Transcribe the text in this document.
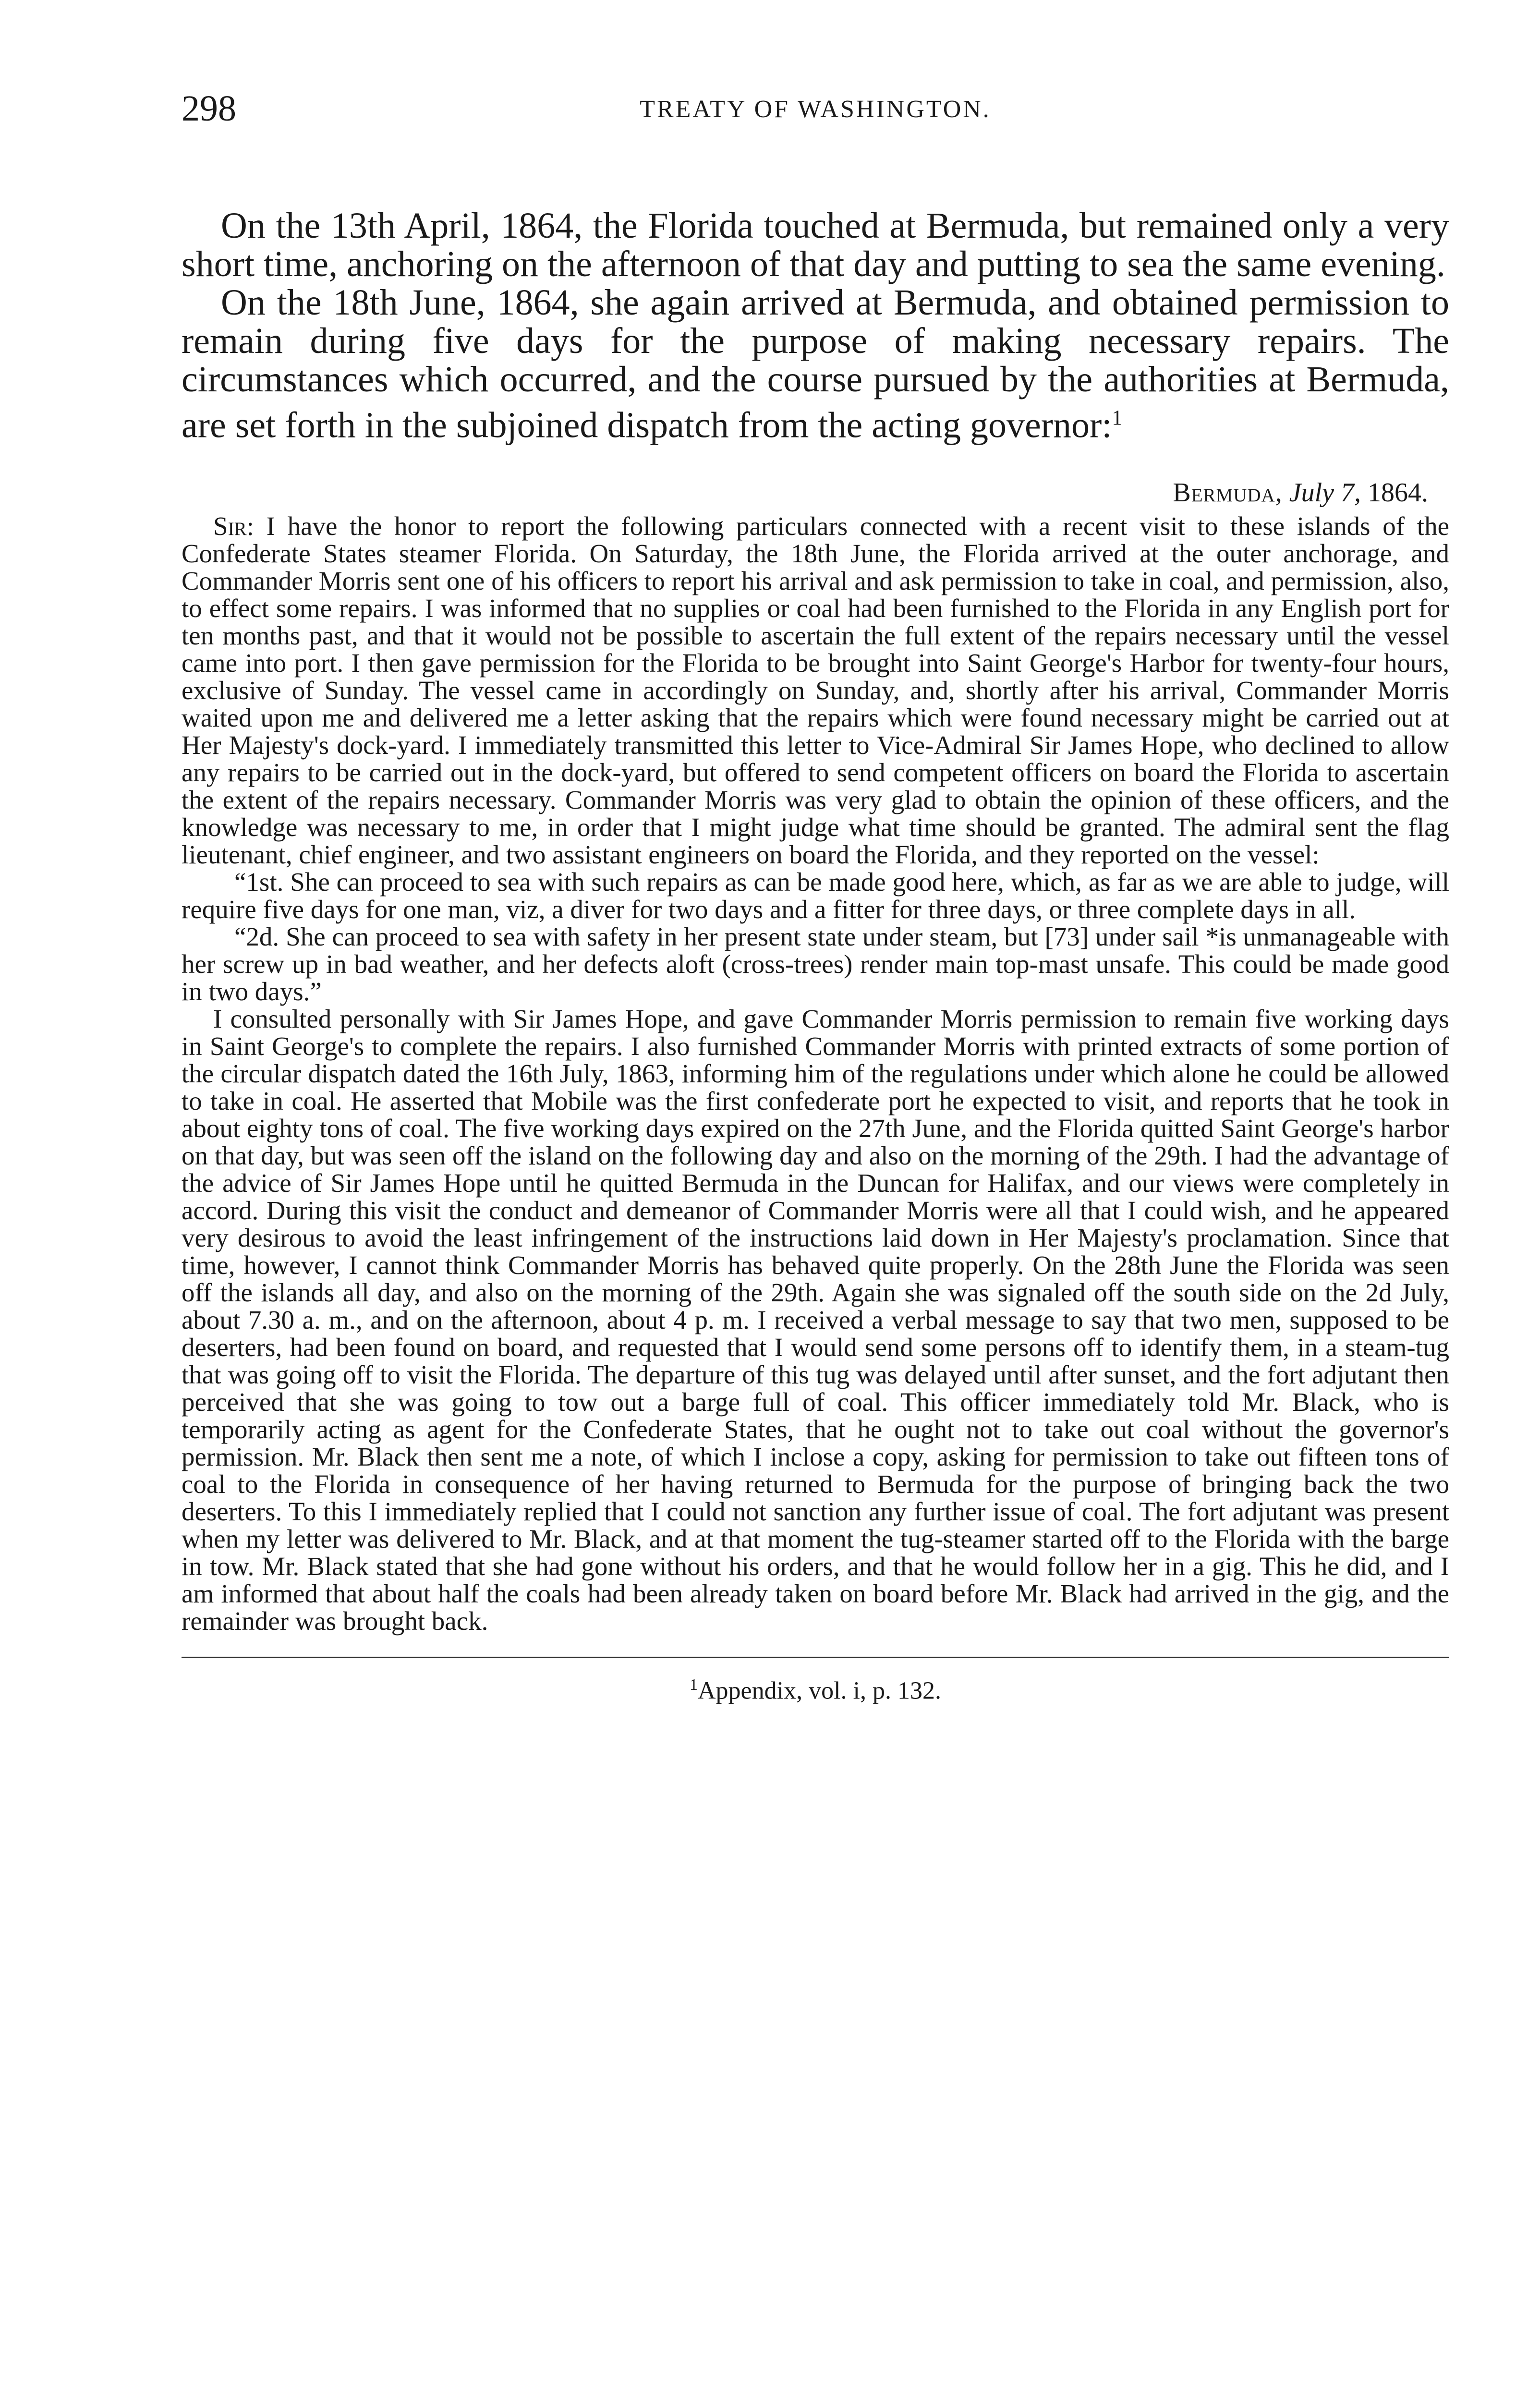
298	TREATY OF WASHINGTON.

On the 13th April, 1864, the Florida touched at Bermuda, but remained only a very short time, anchoring on the afternoon of that day and putting to sea the same evening.

On the 18th June, 1864, she again arrived at Bermuda, and obtained permission to remain during five days for the purpose of making necessary repairs. The circumstances which occurred, and the course pursued by the authorities at Bermuda, are set forth in the subjoined dispatch from the acting governor:$^1$

Bermuda, July 7, 1864.

Sir: I have the honor to report the following particulars connected with a recent visit to these islands of the Confederate States steamer Florida. On Saturday, the 18th June, the Florida arrived at the outer anchorage, and Commander Morris sent one of his officers to report his arrival and ask permission to take in coal, and permission, also, to effect some repairs. I was informed that no supplies or coal had been furnished to the Florida in any English port for ten months past, and that it would not be possible to ascertain the full extent of the repairs necessary until the vessel came into port. I then gave permission for the Florida to be brought into Saint George's Harbor for twenty-four hours, exclusive of Sunday. The vessel came in accordingly on Sunday, and, shortly after his arrival, Commander Morris waited upon me and delivered me a letter asking that the repairs which were found necessary might be carried out at Her Majesty's dock-yard. I immediately transmitted this letter to Vice-Admiral Sir James Hope, who declined to allow any repairs to be carried out in the dock-yard, but offered to send competent officers on board the Florida to ascertain the extent of the repairs necessary. Commander Morris was very glad to obtain the opinion of these officers, and the knowledge was necessary to me, in order that I might judge what time should be granted. The admiral sent the flag lieutenant, chief engineer, and two assistant engineers on board the Florida, and they reported on the vessel:

“1st. She can proceed to sea with such repairs as can be made good here, which, as far as we are able to judge, will require five days for one man, viz, a diver for two days and a fitter for three days, or three complete days in all.

“2d. She can proceed to sea with safety in her present state under steam, but [73] under sail *is unmanageable with her screw up in bad weather, and her defects aloft (cross-trees) render main top-mast unsafe. This could be made good in two days.”

I consulted personally with Sir James Hope, and gave Commander Morris permission to remain five working days in Saint George's to complete the repairs. I also furnished Commander Morris with printed extracts of some portion of the circular dispatch dated the 16th July, 1863, informing him of the regulations under which alone he could be allowed to take in coal. He asserted that Mobile was the first confederate port he expected to visit, and reports that he took in about eighty tons of coal. The five working days expired on the 27th June, and the Florida quitted Saint George's harbor on that day, but was seen off the island on the following day and also on the morning of the 29th. I had the advantage of the advice of Sir James Hope until he quitted Bermuda in the Duncan for Halifax, and our views were completely in accord. During this visit the conduct and demeanor of Commander Morris were all that I could wish, and he appeared very desirous to avoid the least infringement of the instructions laid down in Her Majesty's proclamation. Since that time, however, I cannot think Commander Morris has behaved quite properly. On the 28th June the Florida was seen off the islands all day, and also on the morning of the 29th. Again she was signaled off the south side on the 2d July, about 7.30 a. m., and on the afternoon, about 4 p. m. I received a verbal message to say that two men, supposed to be deserters, had been found on board, and requested that I would send some persons off to identify them, in a steam-tug that was going off to visit the Florida. The departure of this tug was delayed until after sunset, and the fort adjutant then perceived that she was going to tow out a barge full of coal. This officer immediately told Mr. Black, who is temporarily acting as agent for the Confederate States, that he ought not to take out coal without the governor's permission. Mr. Black then sent me a note, of which I inclose a copy, asking for permission to take out fifteen tons of coal to the Florida in consequence of her having returned to Bermuda for the purpose of bringing back the two deserters. To this I immediately replied that I could not sanction any further issue of coal. The fort adjutant was present when my letter was delivered to Mr. Black, and at that moment the tug-steamer started off to the Florida with the barge in tow. Mr. Black stated that she had gone without his orders, and that he would follow her in a gig. This he did, and I am informed that about half the coals had been already taken on board before Mr. Black had arrived in the gig, and the remainder was brought back.

$^1$Appendix, vol. i, p. 132.
